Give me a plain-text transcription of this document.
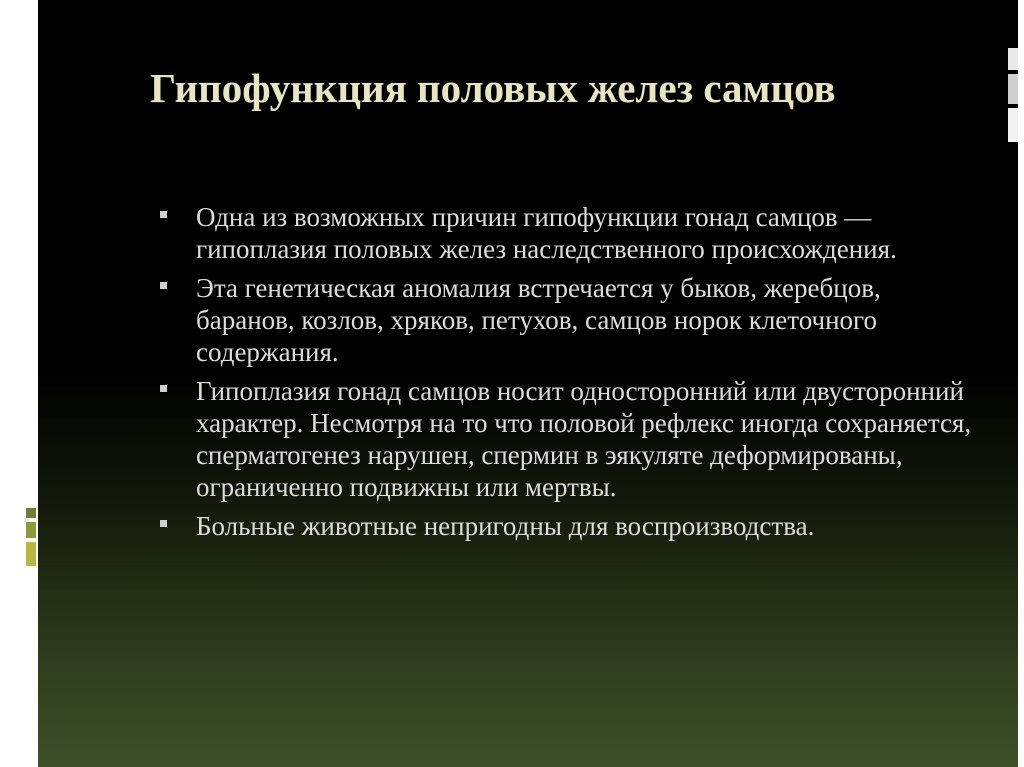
Гипофункция половых желез самцов
Одна из возможных причин гипофункции гонад самцов — гипоплазия половых желез наследственного происхождения.
Эта генетическая аномалия встречается у быков, жеребцов, баранов, козлов, хряков, петухов, самцов норок клеточного содержания.
Гипоплазия гонад самцов носит односторонний или двусторонний характер. Несмотря на то что половой рефлекс иногда сохраняется, сперматогенез нарушен, спермин в эякуляте деформированы, ограниченно подвижны или мертвы.
Больные животные непригодны для воспроизводства.
